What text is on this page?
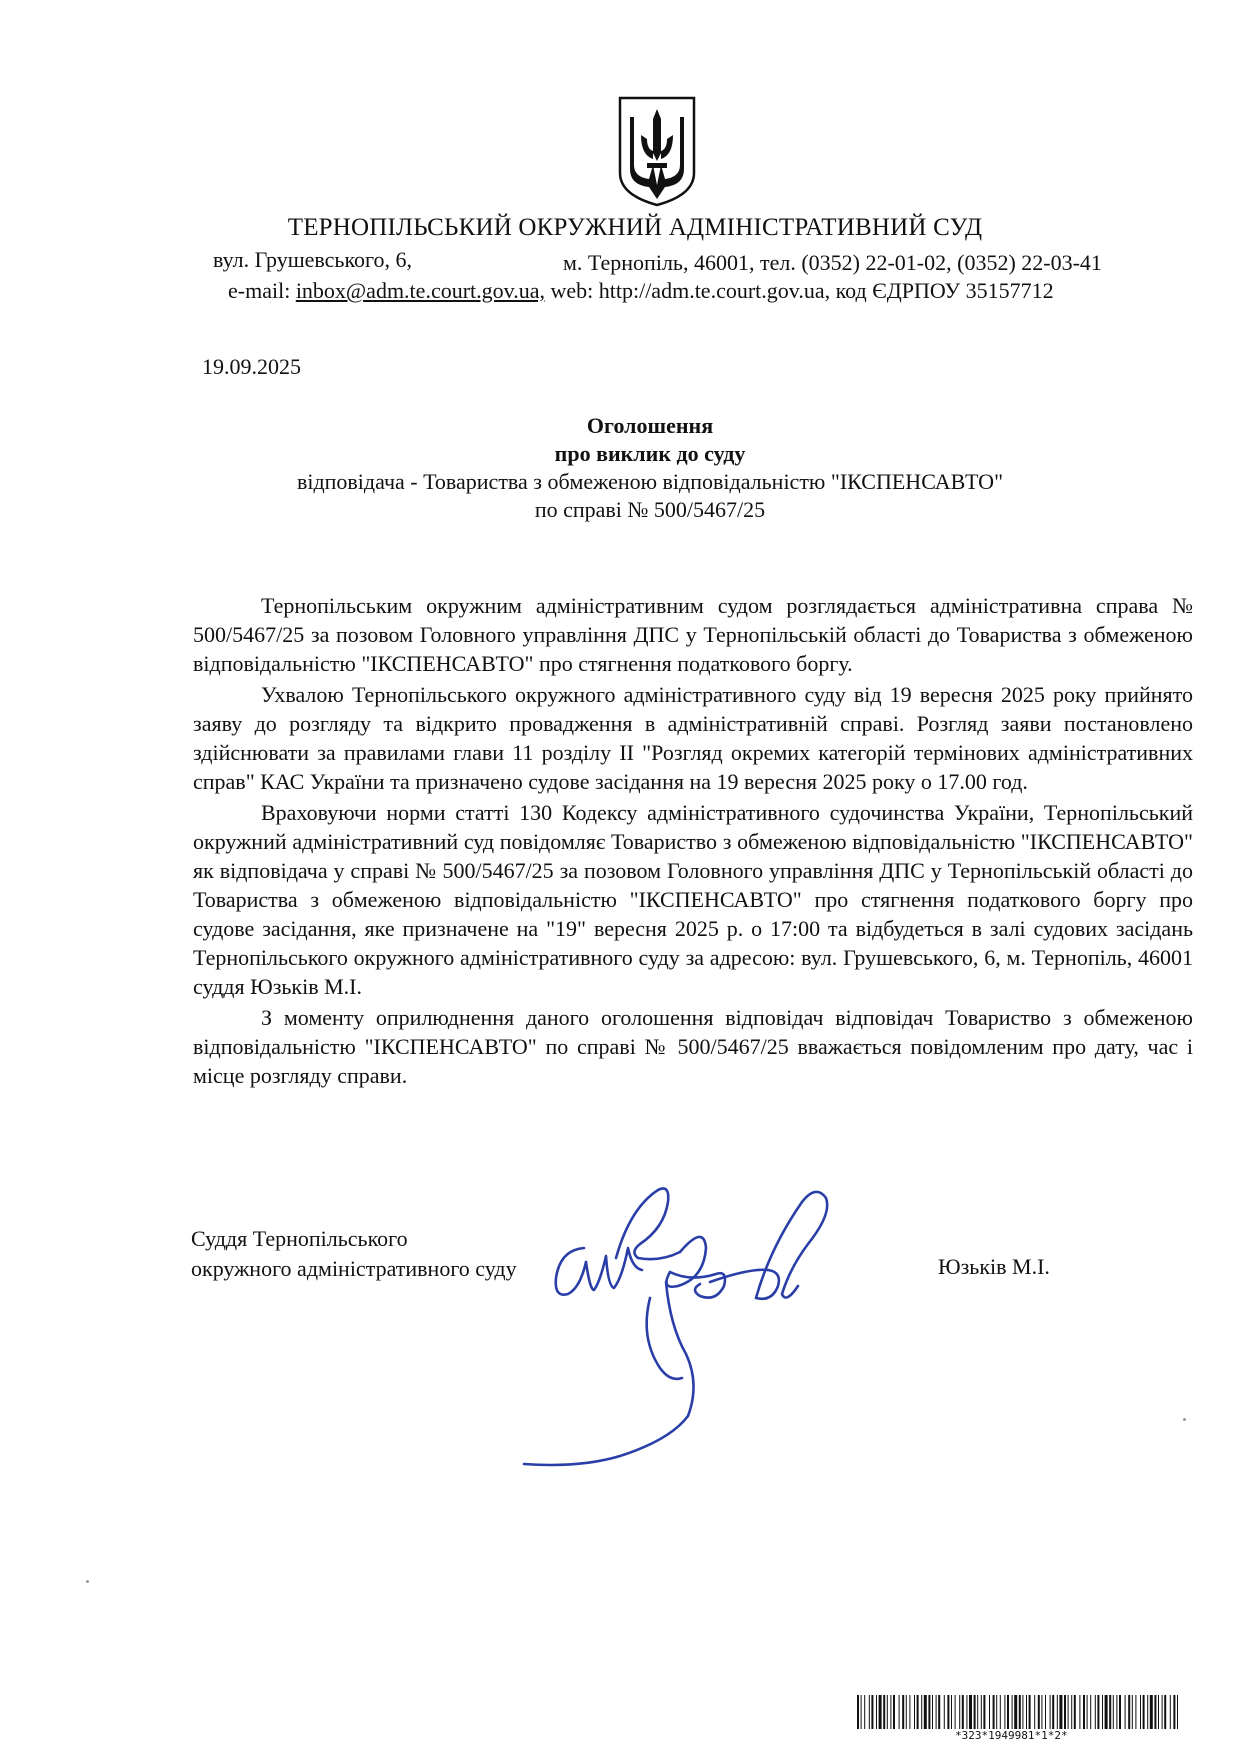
ТЕРНОПІЛЬСЬКИЙ ОКРУЖНИЙ АДМІНІСТРАТИВНИЙ СУД
вул. Грушевського, 6,	м. Тернопіль, 46001, тел. (0352) 22-01-02, (0352) 22-03-41
e-mail: inbox@adm.te.court.gov.ua, web: http://adm.te.court.gov.ua, код ЄДРПОУ 35157712
19.09.2025
Оголошення
про виклик до суду
відповідача - Товариства з обмеженою відповідальністю "ІКСПЕНСАВТО"
по справі № 500/5467/25

Тернопільським окружним адміністративним судом розглядається адміністративна справа № 500/5467/25 за позовом Головного управління ДПС у Тернопільській області до Товариства з обмеженою відповідальністю "ІКСПЕНСАВТО" про стягнення податкового боргу.

Ухвалою Тернопільського окружного адміністративного суду від 19 вересня 2025 року прийнято заяву до розгляду та відкрито провадження в адміністративній справі. Розгляд заяви постановлено здійснювати за правилами глави 11 розділу ІІ "Розгляд окремих категорій термінових адміністративних справ" КАС України та призначено судове засідання на 19 вересня 2025 року о 17.00 год.

Враховуючи норми статті 130 Кодексу адміністративного судочинства України, Тернопільський окружний адміністративний суд повідомляє Товариство з обмеженою відповідальністю "ІКСПЕНСАВТО" як відповідача у справі № 500/5467/25 за позовом Головного управління ДПС у Тернопільській області до Товариства з обмеженою відповідальністю "ІКСПЕНСАВТО" про стягнення податкового боргу про судове засідання, яке призначене на "19" вересня 2025 р. о 17:00 та відбудеться в залі судових засідань Тернопільського окружного адміністративного суду за адресою: вул. Грушевського, 6, м. Тернопіль, 46001 суддя Юзьків М.І.

З моменту оприлюднення даного оголошення відповідач відповідач Товариство з обмеженою відповідальністю "ІКСПЕНСАВТО" по справі № 500/5467/25 вважається повідомленим про дату, час і місце розгляду справи.

Суддя Тернопільського
окружного адміністративного суду	Юзьків М.І.
*323*1949981*1*2*
